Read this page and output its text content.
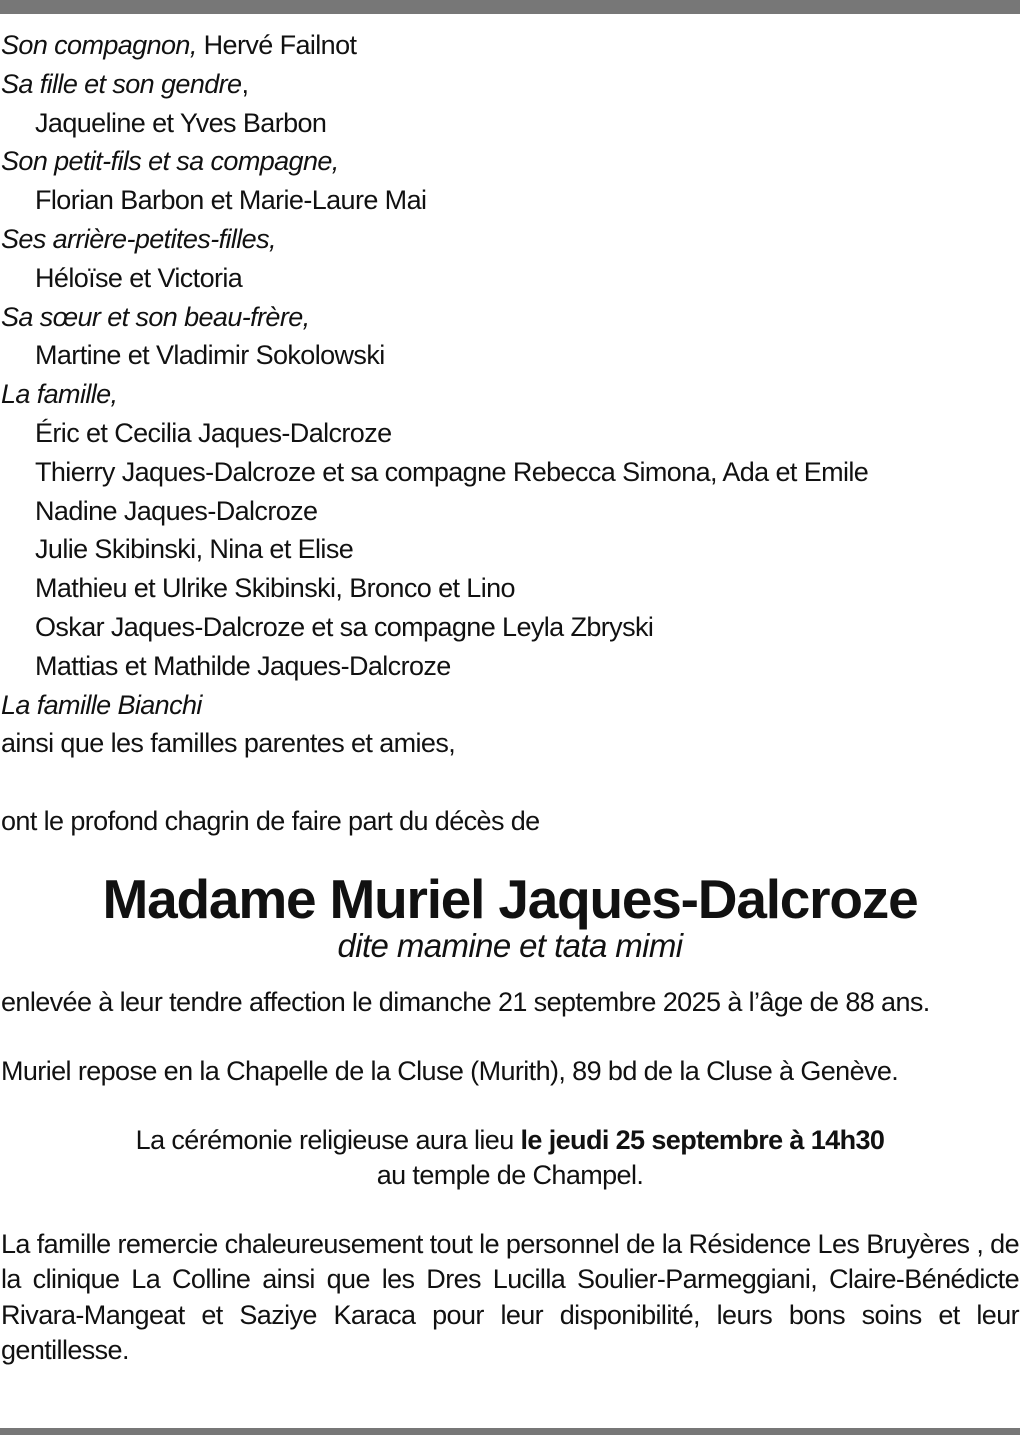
Son compagnon, Hervé Failnot
Sa fille et son gendre,
Jaqueline et Yves Barbon
Son petit-fils et sa compagne,
Florian Barbon et Marie-Laure Mai
Ses arrière-petites-filles,
Héloïse et Victoria
Sa sœur et son beau-frère,
Martine et Vladimir Sokolowski
La famille,
Éric et Cecilia Jaques-Dalcroze
Thierry Jaques-Dalcroze et sa compagne Rebecca Simona, Ada et Emile
Nadine Jaques-Dalcroze
Julie Skibinski, Nina et Elise
Mathieu et Ulrike Skibinski, Bronco et Lino
Oskar Jaques-Dalcroze et sa compagne Leyla Zbryski
Mattias et Mathilde Jaques-Dalcroze
La famille Bianchi
ainsi que les familles parentes et amies,
ont le profond chagrin de faire part du décès de
Madame Muriel Jaques-Dalcroze
dite mamine et tata mimi
enlevée à leur tendre affection le dimanche 21 septembre 2025 à l’âge de 88 ans.
Muriel repose en la Chapelle de la Cluse (Murith), 89 bd de la Cluse à Genève.
La cérémonie religieuse aura lieu le jeudi 25 septembre à 14h30
au temple de Champel.
La famille remercie chaleureusement tout le personnel de la Résidence Les Bruyères , de la clinique La Colline ainsi que les Dres Lucilla Soulier-Parmeggiani, Claire-Bénédicte Rivara-Mangeat et Saziye Karaca pour leur disponibilité, leurs bons soins et leur gentillesse.
